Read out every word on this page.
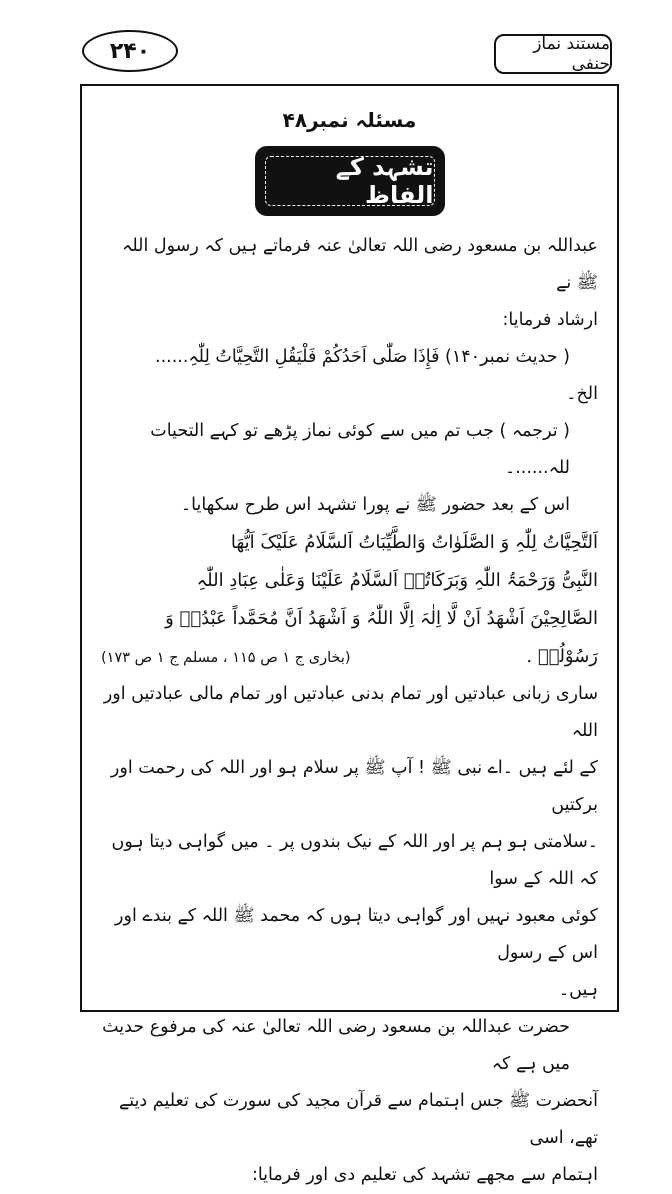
۲۴۰	مستند نماز حنفی
مسئلہ نمبر۴۸
تشہد کے الفاظ

عبداللہ بن مسعود رضی اللہ تعالیٰ عنہ فرماتے ہیں کہ رسول اللہ ﷺ نے

ارشاد فرمایا:

( حدیث نمبر۱۴۰) فَإِذَا صَلّٰی اَحَدُکُمْ فَلْیَقُلِ التَّحِیَّاتُ لِلّٰہِ......

الخ۔

( ترجمہ ) جب تم میں سے کوئی نماز پڑھے تو کہے التحیات للہ......۔

اس کے بعد حضور ﷺ نے پورا تشہد اس طرح سکھایا۔

اَلتَّحِیَّاتُ لِلّٰہِ وَ الصَّلَوٰاتُ وَالطَّیِّبَاتُ اَلسَّلَامُ عَلَیْکَ اَیُّھَا

النَّبِیُّ وَرَحْمَۃُ اللّٰہِ وَبَرَکَاتُہٗ اَلسَّلَامُ عَلَیْنَا وَعَلٰی عِبَادِ اللّٰہِ

الصَّالِحِیْنَ اَشْھَدُ اَنْ لَّا اِلٰہَ اِلَّا اللّٰہُ وَ اَشْھَدُ اَنَّ مُحَمَّداً عَبْدُہٗ وَ

رَسُوْلُہٗ .
(بخاری ج ۱ ص ۱۱۵ ، مسلم ج ۱ ص ۱۷۳)

ساری زبانی عبادتیں اور تمام بدنی عبادتیں اور تمام مالی عبادتیں اور اللہ

کے لئے ہیں ۔اے نبی ﷺ ! آپ ﷺ پر سلام ہو اور اللہ کی رحمت اور برکتیں

۔سلامتی ہو ہم پر اور اللہ کے نیک بندوں پر ۔ میں گواہی دیتا ہوں کہ اللہ کے سوا

کوئی معبود نہیں اور گواہی دیتا ہوں کہ محمد ﷺ اللہ کے بندے اور اس کے رسول

ہیں۔

حضرت عبداللہ بن مسعود رضی اللہ تعالیٰ عنہ کی مرفوع حدیث میں ہے کہ

آنحضرت ﷺ جس اہتمام سے قرآن مجید کی سورت کی تعلیم دیتے تھے، اسی

اہتمام سے مجھے تشہد کی تعلیم دی اور فرمایا:
